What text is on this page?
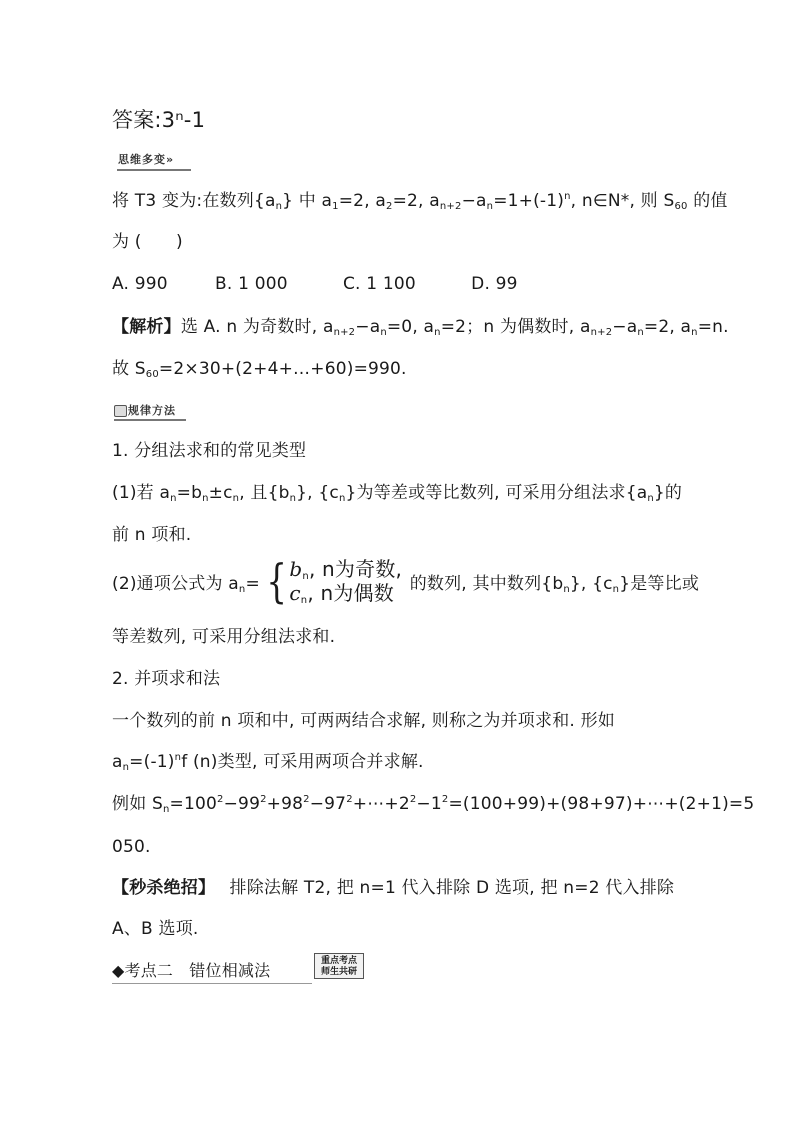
答案:3ⁿ-1
思维多变»
将 T3 变为:在数列$\{a_n\}$ 中 $a_1=2$, $a_2=2$, $a_{n+2}-a_n=1+(-1)^n$, n∈N*, 则 $S_{60}$ 的值
为 (　　)
A. 990	B. 1 000	C. 1 100	D. 99
【解析】选 A. n 为奇数时, $a_{n+2}-a_n=0$, $a_n=2$；n 为偶数时, $a_{n+2}-a_n=2$, $a_n=n$.
故 $S_{60}=2\times 30+(2+4+\dots+60)=990$.
规律方法
1. 分组法求和的常见类型
(1)若 $a_n=b_n\pm c_n$, 且$\{b_n\}$, $\{c_n\}$为等差或等比数列, 可采用分组法求$\{a_n\}$的
前 n 项和.
(2)通项公式为 $a_n=$ { $b_n$, n为奇数,
$c_n$, n为偶数 的数列, 其中数列$\{b_n\}$, $\{c_n\}$是等比或
等差数列, 可采用分组法求和.
2. 并项求和法
一个数列的前 n 项和中, 可两两结合求解, 则称之为并项求和. 形如
$a_n=(-1)^nf$ (n)类型, 可采用两项合并求解.
例如 $S_n=100^2-99^2+98^2-97^2+\cdots+2^2-1^2=(100+99)+(98+97)+\cdots+(2+1)=5$
050.
【秒杀绝招】　 排除法解 T2, 把 n=1 代入排除 D 选项, 把 n=2 代入排除
A、B 选项.
◆考点二　错位相减法	重点考点
师生共研
